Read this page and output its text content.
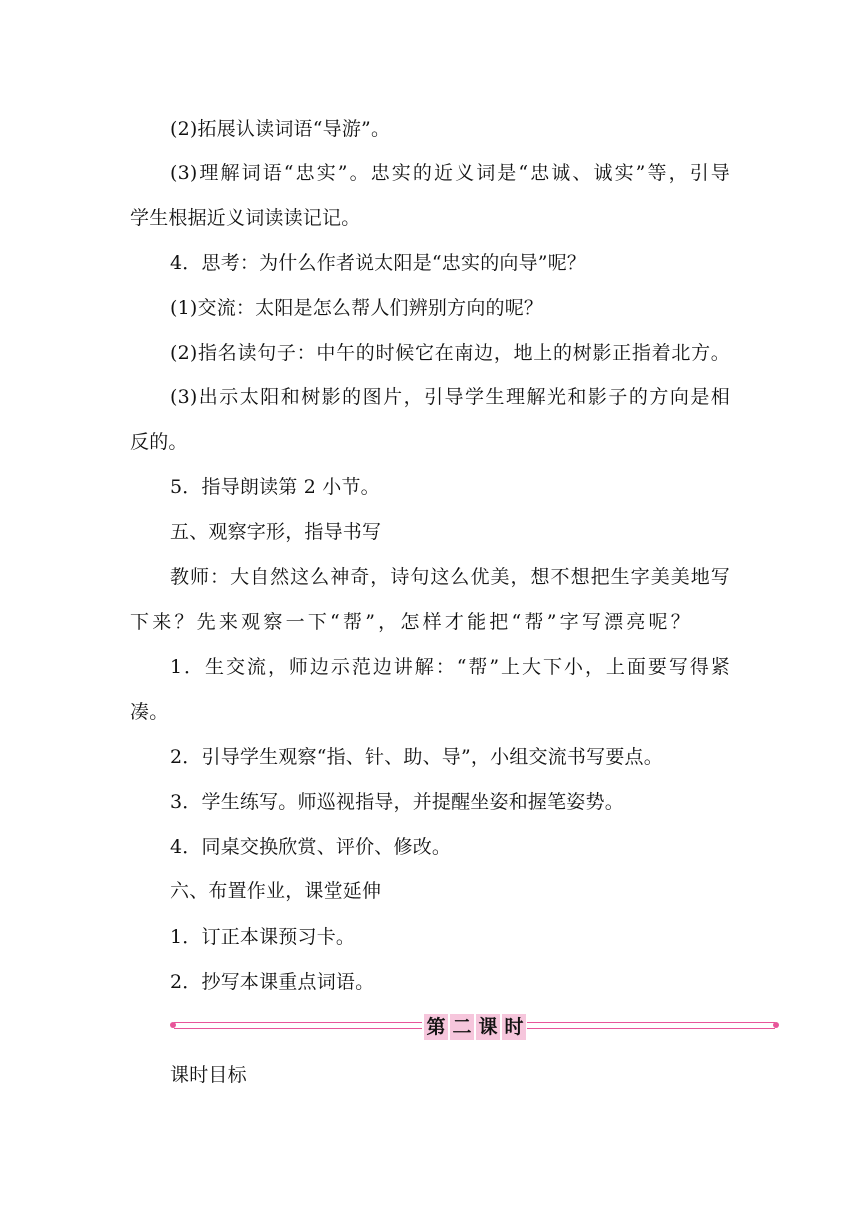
(2)拓展认读词语“导游”。
(3)理解词语“忠实”。忠实的近义词是“忠诚、诚实”等，引导
学生根据近义词读读记记。
4．思考：为什么作者说太阳是“忠实的向导”呢？
(1)交流：太阳是怎么帮人们辨别方向的呢？
(2)指名读句子：中午的时候它在南边，地上的树影正指着北方。
(3)出示太阳和树影的图片，引导学生理解光和影子的方向是相
反的。
5．指导朗读第 2 小节。
五、观察字形，指导书写
教师：大自然这么神奇，诗句这么优美，想不想把生字美美地写
下来？先来观察一下“帮”，怎样才能把“帮”字写漂亮呢？
1．生交流，师边示范边讲解：“帮”上大下小，上面要写得紧
凑。
2．引导学生观察“指、针、助、导”，小组交流书写要点。
3．学生练写。师巡视指导，并提醒坐姿和握笔姿势。
4．同桌交换欣赏、评价、修改。
六、布置作业，课堂延伸
1．订正本课预习卡。
2．抄写本课重点词语。
第 二 课 时
课时目标
